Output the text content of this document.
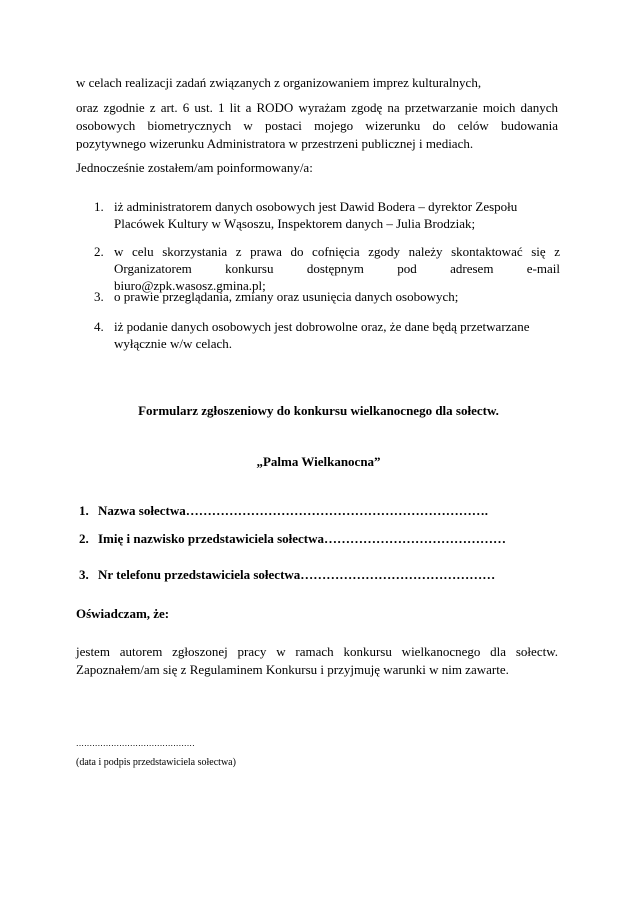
w celach realizacji zadań związanych z organizowaniem imprez kulturalnych,

oraz zgodnie z art. 6 ust. 1 lit a RODO wyrażam zgodę na przetwarzanie moich danych osobowych biometrycznych w postaci mojego wizerunku do celów budowania pozytywnego wizerunku Administratora w przestrzeni publicznej i mediach.

Jednocześnie zostałem/am poinformowany/a:

1. iż administratorem danych osobowych jest Dawid Bodera – dyrektor Zespołu Placówek Kultury w Wąsoszu, Inspektorem danych – Julia Brodziak;
2. w celu skorzystania z prawa do cofnięcia zgody należy skontaktować się z Organizatorem konkursu dostępnym pod adresem e-mail biuro@zpk.wasosz.gmina.pl;
3. o prawie przeglądania, zmiany oraz usunięcia danych osobowych;
4. iż podanie danych osobowych jest dobrowolne oraz, że dane będą przetwarzane wyłącznie w/w celach.
Formularz zgłoszeniowy do konkursu wielkanocnego dla sołectw.
„Palma Wielkanocna”
1. Nazwa sołectwa…………………………………………………………….
2. Imię i nazwisko przedstawiciela sołectwa……………………………………
3. Nr telefonu przedstawiciela sołectwa………………………………………

Oświadczam, że:

jestem autorem zgłoszonej pracy w ramach konkursu wielkanocnego dla sołectw. Zapoznałem/am się z Regulaminem Konkursu i przyjmuję warunki w nim zawarte.

............................................
(data i podpis przedstawiciela sołectwa)
